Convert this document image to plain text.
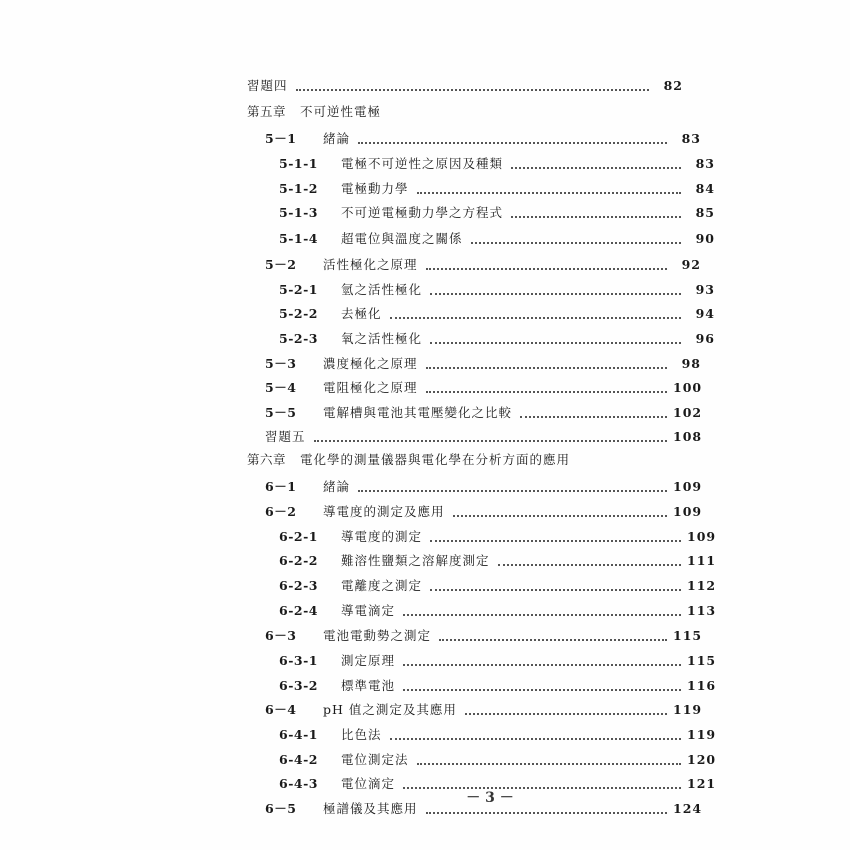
習題四	82
第五章 不可逆性電極
5－1	緒論	83
5-1-1	電極不可逆性之原因及種類	83
5-1-2	電極動力學	84
5-1-3	不可逆電極動力學之方程式	85
5-1-4	超電位與溫度之關係	90
5－2	活性極化之原理	92
5-2-1	氫之活性極化	93
5-2-2	去極化	94
5-2-3	氧之活性極化	96
5－3	濃度極化之原理	98
5－4	電阻極化之原理	100
5－5	電解槽與電池其電壓變化之比較	102
習題五	108
第六章 電化學的測量儀器與電化學在分析方面的應用
6－1	緒論	109
6－2	導電度的測定及應用	109
6-2-1	導電度的測定	109
6-2-2	難溶性鹽類之溶解度測定	111
6-2-3	電離度之測定	112
6-2-4	導電滴定	113
6－3	電池電動勢之測定	115
6-3-1	測定原理	115
6-3-2	標準電池	116
6－4	pH 值之測定及其應用	119
6-4-1	比色法	119
6-4-2	電位測定法	120
6-4-3	電位滴定	121
6－5	極譜儀及其應用	124
－ 3 －
